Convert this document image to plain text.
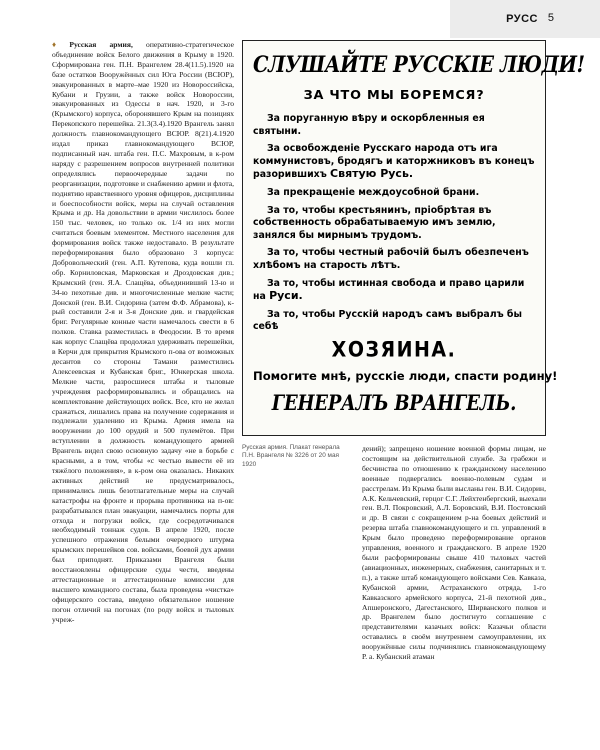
РУСС 5

♦ Русская армия, оперативно-стратегическое объединение войск Белого движения в Крыму в 1920. Сформирована ген. П.Н. Врангелем 28.4(11.5).1920 на базе остатков Вооружённых сил Юга России (ВСЮР), эвакуированных в марте–мае 1920 из Новороссийска, Кубани и Грузии, а также войск Новороссии, эвакуированных из Одессы в нач. 1920, и 3-го (Крымского) корпуса, оборонявшего Крым на позициях Перекопского перешейка. 21.3(3.4).1920 Врангель занял должность главнокомандующего ВСЮР. 8(21).4.1920 издал приказ главнокомандующего ВСЮР, подписанный нач. штаба ген. П.С. Махровым, в к-ром наряду с разрешением вопросов внутренней политики определялись первоочередные задачи по реорганизации, подготовке и снабжению армии и флота, поднятию нравственного уровня офицеров, дисциплины и боеспособности войск, меры на случай оставления Крыма и др. На довольствии в армии числилось более 150 тыс. человек, но только ок. 1/4 из них могли считаться боевым элементом. Местного населения для формирования войск также недоставало. В результате переформирования было образовано 3 корпуса: Добровольческий (ген. А.П. Кутепова, куда вошли гл. обр. Корниловская, Марковская и Дроздовская див.; Крымский (ген. Я.А. Слащёва, объединивший 13-ю и 34-ю пехотные див. и многочисленные мелкие части; Донской (ген. В.И. Сидорина (затем Ф.Ф. Абрамова), к-рый составили 2-я и 3-я Донские див. и гвардейская бриг. Регулярные конные части намечалось свести в 6 полков. Ставка разместилась в Феодосии. В то время как корпус Слащёва продолжал удерживать перешейки, в Керчи для прикрытия Крымского п-ова от возможных десантов со стороны Тамани разместились Алексеевская и Кубанская бриг., Юнкерская школа. Мелкие части, разросшиеся штабы и тыловые учреждения расформировывались и обращались на комплектование действующих войск. Все, кто не желал сражаться, лишались права на получение содержания и подлежали удалению из Крыма. Армия имела на вооружении до 100 орудий и 500 пулемётов. При вступлении в должность командующего армией Врангель видел свою основную задачу «не в борьбе с красными, а в том, чтобы «с честью вывести её из тяжёлого положения», в к-ром она оказалась. Никаких активных действий не предусматривалось, принимались лишь безотлагательные меры на случай катастрофы на фронте и прорыва противника на п-ов: разрабатывался план эвакуации, намечались порты для отхода и погрузки войск, где сосредотачивался необходимый тоннаж судов. В апреле 1920, после успешного отражения белыми очередного штурма крымских перешейков сов. войсками, боевой дух армии был приподнят. Приказами Врангеля были восстановлены офицерские суды чести, введены аттестационные и аттестационные комиссии для высшего командного состава, была проведена «чистка» офицерского состава, введено обязательное ношение погон отличий на погонах (по роду войск и тыловых учреж-

СЛУШАЙТЕ РУССКІЕ ЛЮДИ!
ЗА ЧТО МЫ БОРЕМСЯ?
За поруганную вѣру и оскорбленныя ея святыни.
За освобожденіе Русскаго народа отъ ига коммунистовъ, бродягъ и каторжниковъ въ конецъ разорившихъ Святую Русь.
За прекращеніе междоусобной брани.
За то, чтобы крестьянинъ, пріобрѣтая въ собственность обрабатываемую имъ землю, занялся бы мирнымъ трудомъ.
За то, чтобы честный рабочій былъ обезпеченъ хлѣбомъ на старость лѣтъ.
За то, чтобы истинная свобода и право царили на Руси.
За то, чтобы Русскій народъ самъ выбралъ бы себѣ
ХОЗЯИНА.
Помогите мнѣ, русскіе люди, спасти родину!
ГЕНЕРАЛЪ ВРАНГЕЛЬ.
Русская армия. Плакат генерала П.Н. Врангеля № 3226 от 20 мая 1920

дений); запрещено ношение военной формы лицам, не состоящим на действительной службе. За грабежи и бесчинства по отношению к гражданскому населению военные подвергались военно-полевым судам и расстрелам. Из Крыма были высланы ген. В.И. Сидорин, А.К. Кельчевский, герцог С.Г. Лейхтенбергский, выехали ген. В.Л. Покровский, А.Л. Боровский, В.И. Постовский и др. В связи с сокращением р-на боевых действий и резерва штаба главнокомандующего и гл. управлений в Крым было проведено переформирование органов управления, военного и гражданского. В апреле 1920 были расформированы свыше 410 тыловых частей (авиационных, инженерных, снабжения, санитарных и т. п.), а также штаб командующего войсками Сев. Кавказа, Кубанской армии, Астраханского отряда, 1-го Кавказского армейского корпуса, 21-й пехотной див., Апшеронского, Дагестанского, Ширванского полков и др. Врангелем было достигнуто соглашение с представителями казачьих войск: Казачьи области оставались в своём внутреннем самоуправлении, их вооружённые силы подчинялись главнокомандующему Р. а. Кубанский атаман
